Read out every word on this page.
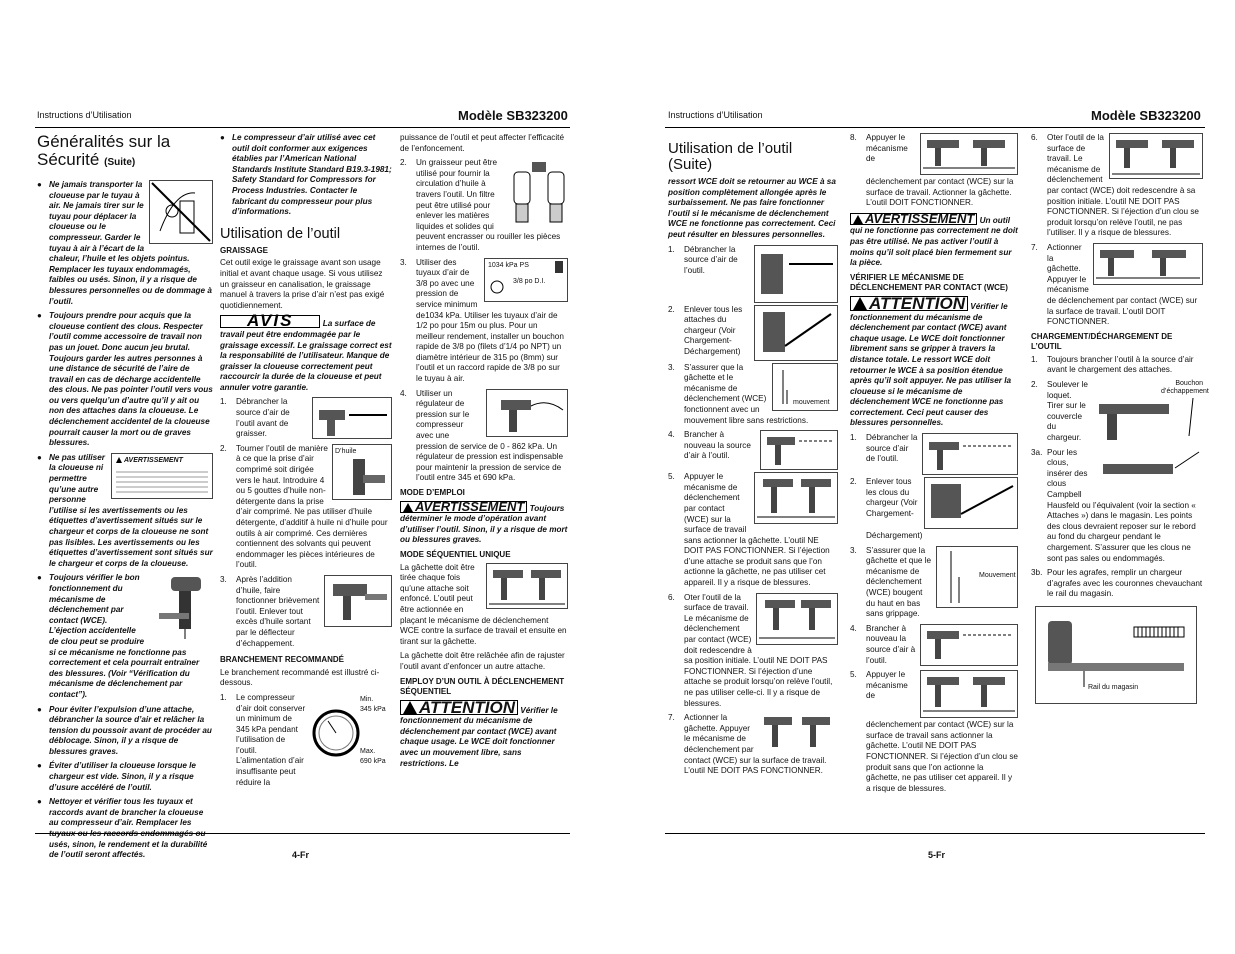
Instructions d’Utilisation	Modèle SB323200
Généralités sur la Sécurité (Suite)
● Ne jamais transporter la cloueuse par le tuyau à air. Ne jamais tirer sur le tuyau pour déplacer la cloueuse ou le compresseur. Garder le tuyau à air à l’écart de la chaleur, l’huile et les objets pointus. Remplacer les tuyaux endommagés, faibles ou usés. Sinon, il y a risque de blessures personnelles ou de dommage à l’outil.
● Toujours prendre pour acquis que la cloueuse contient des clous. Respecter l’outil comme accessoire de travail non pas un jouet. Donc aucun jeu brutal. Toujours garder les autres personnes à une distance de sécurité de l’aire de travail en cas de décharge accidentelle des clous. Ne pas pointer l’outil vers vous ou vers quelqu’un d’autre qu’il y ait ou non des attaches dans la cloueuse. Le déclenchement accidentel de la cloueuse pourrait causer la mort ou de graves blessures.
● AVERTISSEMENT
Ne pas utiliser la cloueuse ni permettre qu’une autre personne l’utilise si les avertissements ou les étiquettes d’avertissement situés sur le chargeur et corps de la cloueuse ne sont pas lisibles. Les avertissements ou les étiquettes d’avertissement sont situés sur le chargeur et corps de la cloueuse.
● Toujours vérifier le bon fonctionnement du mécanisme de déclenchement par contact (WCE). L’éjection accidentelle de clou peut se produire si ce mécanisme ne fonctionne pas correctement et cela pourrait entraîner des blessures. (Voir “Vérification du mécanisme de déclenchement par contact”).
● Pour éviter l’expulsion d’une attache, débrancher la source d’air et relâcher la tension du poussoir avant de procéder au déblocage. Sinon, il y a risque de blessures graves.
● Éviter d’utiliser la cloueuse lorsque le chargeur est vide. Sinon, il y a risque d’usure accéléré de l’outil.
● Nettoyer et vérifier tous les tuyaux et raccords avant de brancher la cloueuse au compresseur d’air. Remplacer les usés, sinon, le rendement et la durabilité de l’outil seront affectés.
● Le compresseur d’air utilisé avec cet outil doit conformer aux exigences établies par l’American National Standards Institute Standard B19.3-1981; Safety Standard for Compressors for Process Industries. Contacter le fabricant du compresseur pour plus d’informations.
Utilisation de l’outil
GRAISSAGE

Cet outil exige le graissage avant son usage initial et avant chaque usage. Si vous utilisez un graisseur en canalisation, le graissage manuel à travers la prise d’air n’est pas exigé quotidiennement.

AVIS	La surface de travail peut être endommagée par le graissage excessif. Le graissage correct est la responsabilité de l’utilisateur. Manque de graisser la cloueuse correctement peut raccourcir la durée de la cloueuse et peut annuler votre garantie.
1. Débrancher la source d’air de l’outil avant de graisser.
2.	D’huile
Tourner l’outil de manière à ce que la prise d’air comprimé soit dirigée vers le haut. Introduire 4 ou 5 gouttes d’huile non-détergente dans la prise d’air comprimé. Ne pas utiliser d’huile détergente, d’additif à huile ni d’huile pour outils à air comprimé. Ces dernières contiennent des solvants qui peuvent endommager les pièces intérieures de l’outil.
3. Après l’addition d’huile, faire fonctionner brièvement l’outil. Enlever tout excès d’huile sortant par le déflecteur d’échappement.
BRANCHEMENT RECOMMANDÉ

Le branchement recommandé est illustré ci-dessous.

1.	Min.
345 kPa
Max.
690 kPa
Le compresseur d’air doit conserver un minimum de 345 kPa pendant l’utilisation de l’outil. L’alimentation d’air insuffisante peut réduire la

puissance de l’outil et peut affecter l’efficacité de l’enfoncement.

2. Un graisseur peut être utilisé pour fournir la circulation d’huile à travers l’outil. Un filtre peut être utilisé pour enlever les matières liquides et solides qui peuvent encrasser ou rouiller les pièces internes de l’outil.
3.	1034 kPa PS
3/8 po D.I.
Utiliser des tuyaux d’air de 3/8 po avec une pression de service minimum de1034 kPa. Utiliser les tuyaux d’air de 1/2 po pour 15m ou plus. Pour un meilleur rendement, installer un bouchon rapide de 3/8 po (filets d’1/4 po NPT) un diamètre intérieur de 315 po (8mm) sur l’outil et un raccord rapide de 3/8 po sur le tuyau à air.
4. Utiliser un régulateur de pression sur le compresseur avec une pression de service de 0 - 862 kPa. Un régulateur de pression est indispensable pour maintenir la pression de service de l’outil entre 345 et 690 kPa.
MODE D’EMPLOI
AVERTISSEMENT Toujours déterminer le mode d’opération avant d’utiliser l’outil. Sinon, il y a risque de mort ou blessures graves.
MODE SÉQUENTIEL UNIQUE

La gâchette doit être tirée chaque fois qu’une attache soit enfoncé. L’outil peut être actionnée en plaçant le mécanisme de déclenchement WCE contre la surface de travail et ensuite en tirant sur la gâchette.

La gâchette doit être relâchée afin de rajuster l’outil avant d’enfoncer un autre attache.

EMPLOY D’UN OUTIL À DÉCLENCHEMENT SÉQUENTIEL
ATTENTION Vérifier le fonctionnement du mécanisme de déclenchement par contact (WCE) avant chaque usage. Le WCE doit fonctionner avec un mouvement libre, sans restrictions. Le
4-Fr
Instructions d’Utilisation	Modèle SB323200
Utilisation de l’outil (Suite)

ressort WCE doit se retourner au WCE à sa position complètement allongée après le surbaissement. Ne pas faire fonctionner l’outil si le mécanisme de déclenchement WCE ne fonctionne pas correctement. Ceci peut résulter en blessures personnelles.

1. Débrancher la source d’air de l’outil.
2. Enlever tous les attaches du chargeur (Voir Chargement-Déchargement)
3.
mouvement
S’assurer que la gâchette et le mécanisme de déclenchement (WCE) fonctionnent avec un mouvement libre sans restrictions.
4. Brancher à nouveau la source d’air à l’outil.
5. Appuyer le mécanisme de déclenchement par contact (WCE) sur la surface de travail sans actionner la gâchette. L’outil NE DOIT PAS FONCTIONNER. Si l’éjection d’une attache se produit sans que l’on actionne la gâchette, ne pas utiliser cet appareil. Il y a risque de blessures.
6. Oter l’outil de la surface de travail. Le mécanisme de déclenchement par contact (WCE) doit redescendre à sa position initiale. L’outil NE DOIT PAS FONCTIONNER. Si l’éjection d’une attache se produit lorsqu’on relève l’outil, ne pas utiliser celle-ci. Il y a risque de blessures.
7. Actionner la gâchette. Appuyer le mécanisme de déclenchement par contact (WCE) sur la surface de travail. L’outil NE DOIT PAS FONCTIONNER.
8. Appuyer le mécanisme de déclenchement par contact (WCE) sur la surface de travail. Actionner la gâchette. L’outil DOIT FONCTIONNER.
AVERTISSEMENT Un outil qui ne fonctionne pas correctement ne doit pas être utilisé. Ne pas activer l’outil à moins qu’il soit placé bien fermement sur la pièce.
VÉRIFIER LE MÉCANISME DE DÉCLENCHEMENT PAR CONTACT (WCE)
ATTENTION Vérifier le fonctionnement du mécanisme de déclenchement par contact (WCE) avant chaque usage. Le WCE doit fonctionner librement sans se gripper à travers la distance totale. Le ressort WCE doit retourner le WCE à sa position étendue après qu’il soit appuyer. Ne pas utiliser la cloueuse si le mécanisme de déclenchement WCE ne fonctionne pas correctement. Ceci peut causer des blessures personnelles.
1. Débrancher la source d’air de l’outil.
2. Enlever tous les clous du chargeur (Voir Chargement-Déchargement)
3.
Mouvement
S’assurer que la gâchette et que le mécanisme de déclenchement (WCE) bougent du haut en bas sans grippage.
4. Brancher à nouveau la source d’air à l’outil.
5. Appuyer le mécanisme de déclenchement par contact (WCE) sur la surface de travail sans actionner la gâchette. L’outil NE DOIT PAS FONCTIONNER. Si l’éjection d’un clou se produit sans que l’on actionne la gâchette, ne pas utiliser cet appareil. Il y a risque de blessures.
6. Oter l’outil de la surface de travail. Le mécanisme de déclenchement par contact (WCE) doit redescendre à sa position initiale. L’outil NE DOIT PAS FONCTIONNER. Si l’éjection d’un clou se produit lorsqu’on relève l’outil, ne pas l’utiliser. Il y a risque de blessures.
7. Actionner la gâchette. Appuyer le mécanisme de déclenchement par contact (WCE) sur la surface de travail. L’outil DOIT FONCTIONNER.
CHARGEMENT/DÉCHARGEMENT DE L’OUTIL
1. Toujours brancher l’outil à la source d’air avant le chargement des attaches.
2.	Bouchon d’échappement
Soulever le loquet. Tirer sur le couvercle du chargeur.
3a. Pour les clous, insérer des clous Campbell Hausfeld ou l’équivalent (voir la section « Attaches ») dans le magasin. Les points des clous devraient reposer sur le rebord au fond du chargeur pendant le chargement. S’assurer que les clous ne sont pas sales ou endommagés.
3b. Pour les agrafes, remplir un chargeur d’agrafes avec les couronnes chevauchant le rail du magasin.
Rail du magasin
5-Fr
